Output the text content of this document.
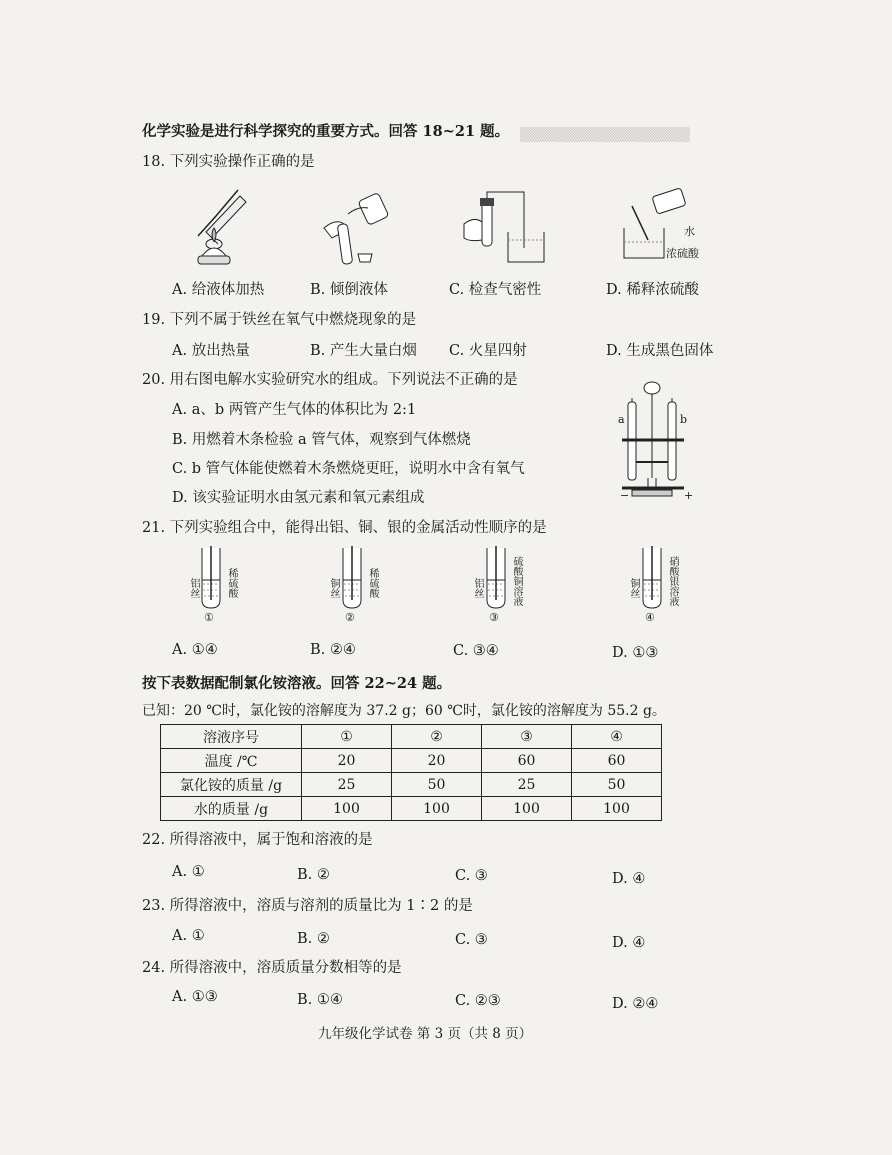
▒▒▒▒▒▒▒▒▒▒▒▒▒▒▒▒▒
化学实验是进行科学探究的重要方式。回答 18~21 题。
18. 下列实验操作正确的是
水
浓硫酸
A. 给液体加热	B. 倾倒液体	C. 检查气密性	D. 稀释浓硫酸
19. 下列不属于铁丝在氧气中燃烧现象的是
A. 放出热量	B. 产生大量白烟 C. 火星四射	D. 生成黑色固体
20. 用右图电解水实验研究水的组成。下列说法不正确的是
A. a、b 两管产生气体的体积比为 2:1
B. 用燃着木条检验 a 管气体，观察到气体燃烧
C. b 管气体能使燃着木条燃烧更旺，说明水中含有氧气
D. 该实验证明水由氢元素和氧元素组成
a	b
−	+
21. 下列实验组合中，能得出铝、铜、银的金属活动性顺序的是
铝丝	稀硫酸
①
铜丝	稀硫酸
②
铝丝	硫酸铜溶液
③
铜丝	硝酸银溶液
④
A. ①④	B. ②④	C. ③④	D. ①③
按下表数据配制氯化铵溶液。回答 22~24 题。
已知：20 ℃时，氯化铵的溶解度为 37.2 g；60 ℃时，氯化铵的溶解度为 55.2 g。
溶液序号	①	②	③	④
温度 /℃	20	20	60	60
氯化铵的质量 /g	25	50	25	50
水的质量 /g	100	100	100	100
22. 所得溶液中，属于饱和溶液的是
A. ①	B. ②	C. ③	D. ④
23. 所得溶液中，溶质与溶剂的质量比为 1∶2 的是
A. ①	B. ②	C. ③	D. ④
24. 所得溶液中，溶质质量分数相等的是
A. ①③	B. ①④	C. ②③	D. ②④
九年级化学试卷 第 3 页（共 8 页）
